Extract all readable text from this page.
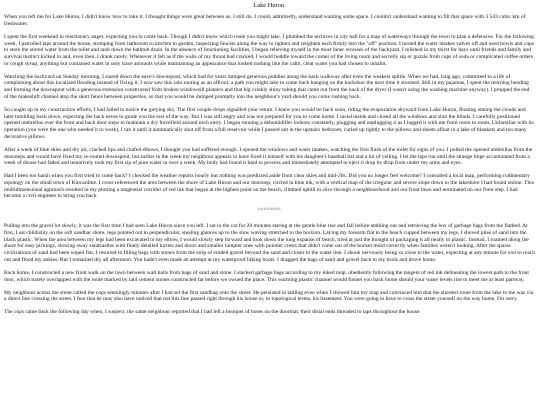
Lake Huron.

When you left me for Lake Huron, I didn't know how to take it. I thought things were great between us. I still do. I could, admittedly, understand wanting some space. I couldn't understand wanting to fill that space with 3 543 cubic km of freshwater.

I spent the first weekend in reactionary anger, expecting you to come back. Though I didn't know which route you might take. I plumbed the archives in city hall for a map of waterways through the town to plan a defensive. For the following week, I patrolled laps around the house, stomping from bathroom to kitchen to garden, inspecting faucets along the way to tighten and retighten each firmly into the "off" position. I turned the water intakes valves off and used bowls and cups to store the stored water from the toilet and tank down the bathtub drain. In the absence of functioning facilities, I began relieving myself in the most inner recesses of the backyard. I relished in my thirst for days until friends and family and survival instinct kicked in and, even then, I drank rarely. Whenever it felt as if the walls of my throat had cracked, I would huddle toward the corner of the living room and secretly sip or guzzle from cups of soda or complicated coffee orders or cough syrup, anything but contained water in only trace amounts while maintaining an appearance that looked nothing like the calm, clear water you had chosen to inhabit.

Watching the backyard on Sunday morning, I stared down the eave's downspout, which had for years dumped generous puddles along the back walkway after even the weakest spittle. When we had, long ago, committed to a life of complaining about this localized flooding instead of fixing it, I now saw this rain routing as an affront, a path you might take to come back banging on the backdoor the next time it stormed. Still in my pajamas, I spent the morning bending and forming the downspout with a generous extension constructed from broken windowsill planters and that big crinkly shiny tubing that came out from the back of the dryer (I wasn't using the washing machine anyway). I propped the end of the makeshift channel atop the short fence between properties, so that you would be dumped promptly into the neighbour's yard should you come rushing back.

So caught up in my construction efforts, I had failed to notice the greying sky. The first couple drops signalled your return. I knew you would be back soon, riding the evaporation skyward from Lake Huron, floating among the clouds and later tumbling back down, expecting the back eaves to guide you the rest of the way. But I was still angry and was not prepared for you to come home. I raced inside and closed all the windows and shut the blinds. I carefully positioned opened umbrellas over the front and back door steps to maintain a dry forcefield around each entry. I began running a dehumidifier indoors constantly, plugging and unplugging it as I lugged it with me from room to room. Unfamiliar with its operation (you were the one who needed it to work), I ran it until it automatically shut off from a full reservoir while I passed out in the upstairs bedroom, curled up tightly to the pillows and sheets afloat in a lake of blankets and too many decorative pillows.

After a week of blue skies and dry air, cracked lips and chafed elbows, I thought you had suffered enough. I opened the windows and water intakes, watching the first flush of the toilet for signs of you. I pulled the opened umbrellas from the doorsteps and would have fixed my re-routed downspout, but earlier in the week my neighbour appears to have fixed it himself with his daughter's baseball bat and a lot of yelling. I let the taps run until the strange tinge accumulated from a week of disuse had faded and tentatively took my first sip of pure water in over a week. My body had found it hard to process and immediately attempted to eject it drop by drop from under my arms and eyes.

Had I been too harsh when you first tried to come back? I checked the weather reports hourly but nothing was predicted aside from clear skies and mid-20s. Did you no longer feel welcome? I consulted a local map, performing rudimentary topology on the small town of Kincardine. I cross-referenced the area between the shore of Lake Huron and our doorstep, circled in blue ink, with a vertical map of the irregular and severe slope down to the lakeshore I had found online. This multidimensional approach resulted in my plotting a tangential corridor of red ink that began at the highest point on the beach, climbed uphill to slice through a neighbourhood and our front lawn and terminated on our front step. I had become a civil engineer to bring you back.

^^^^^^^^

Pulling into the gravel lot slowly, it was the first time I had seen Lake Huron since you left. I sat in the car for 20 minutes staring at the gentle blue rise and fall before ambling out and retrieving the box of garbage bags from the flatbed. At first, I sat childishly on the soft sandbar shore, legs pointed out in perpendicular, stealing glances up to the slow waving stretched to the horizon. Laying my forearm flat to the beach cupped between my legs, I shoved piles of sand into the black plastic. When the area between my legs had been excavated to my elbow, I would slowly step forward and look down the long expanse of beach, tried at just the thought of packaging it all neatly in plastic. Instead, I roamed along the shore for easy pickings, stowing away sandcastles with finely detailed turrets and doors and smaller lumpier ones with pointier crests that didn't come out of the bucket mold correctly when families weren't looking. After the sparse civilizations of sand had been wiped flat, I resorted to filling bags with stones from the strip of eroded gravel beyond the sand and closer to the water line. I shook nervously being so close to the water, expecting at any minute for you to reach out and flood my ankles. But I remained dry all afternoon. You hadn't even made an attempt at my waterproof hiking boots. I dragged the bags of sand and gravel back to my truck and drove home.

Back home, I constructed a new front walk on the lawn between wall balls from bags of sand and stone. I stacked garbage bags according to my inked map, obediently following the tangent of red ink delineating the lowest path to the front door, which barely overlapped with the route marked by laid cement stones constructed far before we owned the place. This warming plastic channel would funnel you back home should your water levels rise to meet me at least partway.

My neighbour across the street called the cops seemingly minutes after I had set the first sandbag onto the street. He persisted in tattling even when I showed him my map and convinced him that the shortest route from the lake to me was via a direct line crossing the street. I fear that he may also have noticed that not this line passed right through his house or, in topological terms, his basement. You were going to have to cross the street yourself on the way home, I'm sorry.

The cops came back the following day when, I suspect, the same neighbour reported that I had left a bouquet of hoses on the doormat, their distal ends threaded to taps throughout the house.
